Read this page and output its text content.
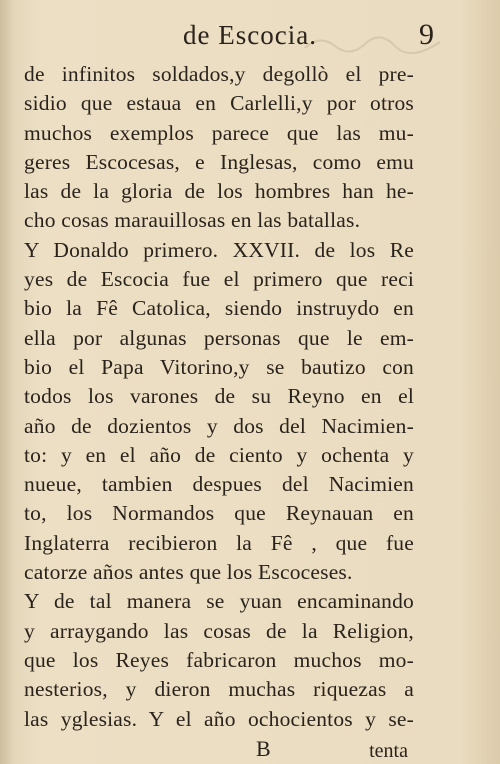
de Escocia.	9
de infinitos soldados,y degollò el pre-
sidio que estaua en Carlelli,y por otros
muchos exemplos parece que las mu-
geres Escocesas, e Inglesas, como emu
las de la gloria de los hombres han he-
cho cosas marauillosas en las batallas.
Y Donaldo primero. XXVII. de los Re
yes de Escocia fue el primero que reci
bio la Fê Catolica, siendo instruydo en
ella por algunas personas que le em-
bio el Papa Vitorino,y se bautizo con
todos los varones de su Reyno en el
año de dozientos y dos del Nacimien-
to: y en el año de ciento y ochenta y
nueue, tambien despues del Nacimien
to, los Normandos que Reynauan en
Inglaterra recibieron la Fê , que fue
catorze años antes que los Escoceses.
Y de tal manera se yuan encaminando
y arraygando las cosas de la Religion,
que los Reyes fabricaron muchos mo-
nesterios, y dieron muchas riquezas a
las yglesias. Y el año ochocientos y se-
B	tenta
